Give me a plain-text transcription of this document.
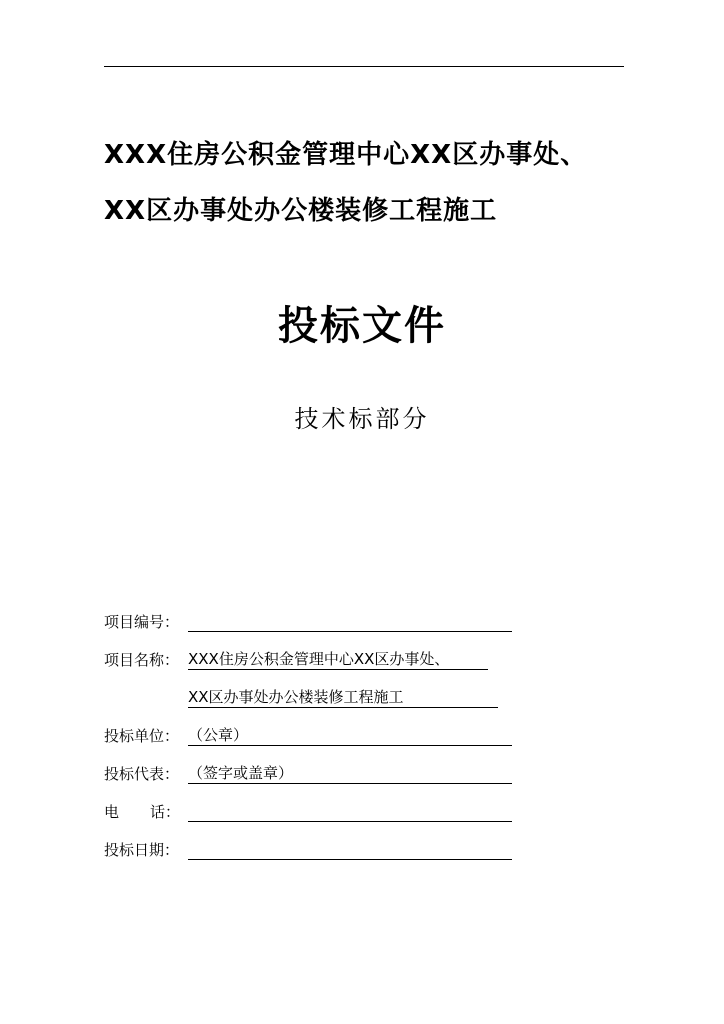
XXX住房公积金管理中心XX区办事处、
XX区办事处办公楼装修工程施工
投标文件
技术标部分
项目编号：
项目名称： XXX住房公积金管理中心XX区办事处、
XX区办事处办公楼装修工程施工
投标单位： （公章）
投标代表： （签字或盖章）
电 话：
投标日期：
